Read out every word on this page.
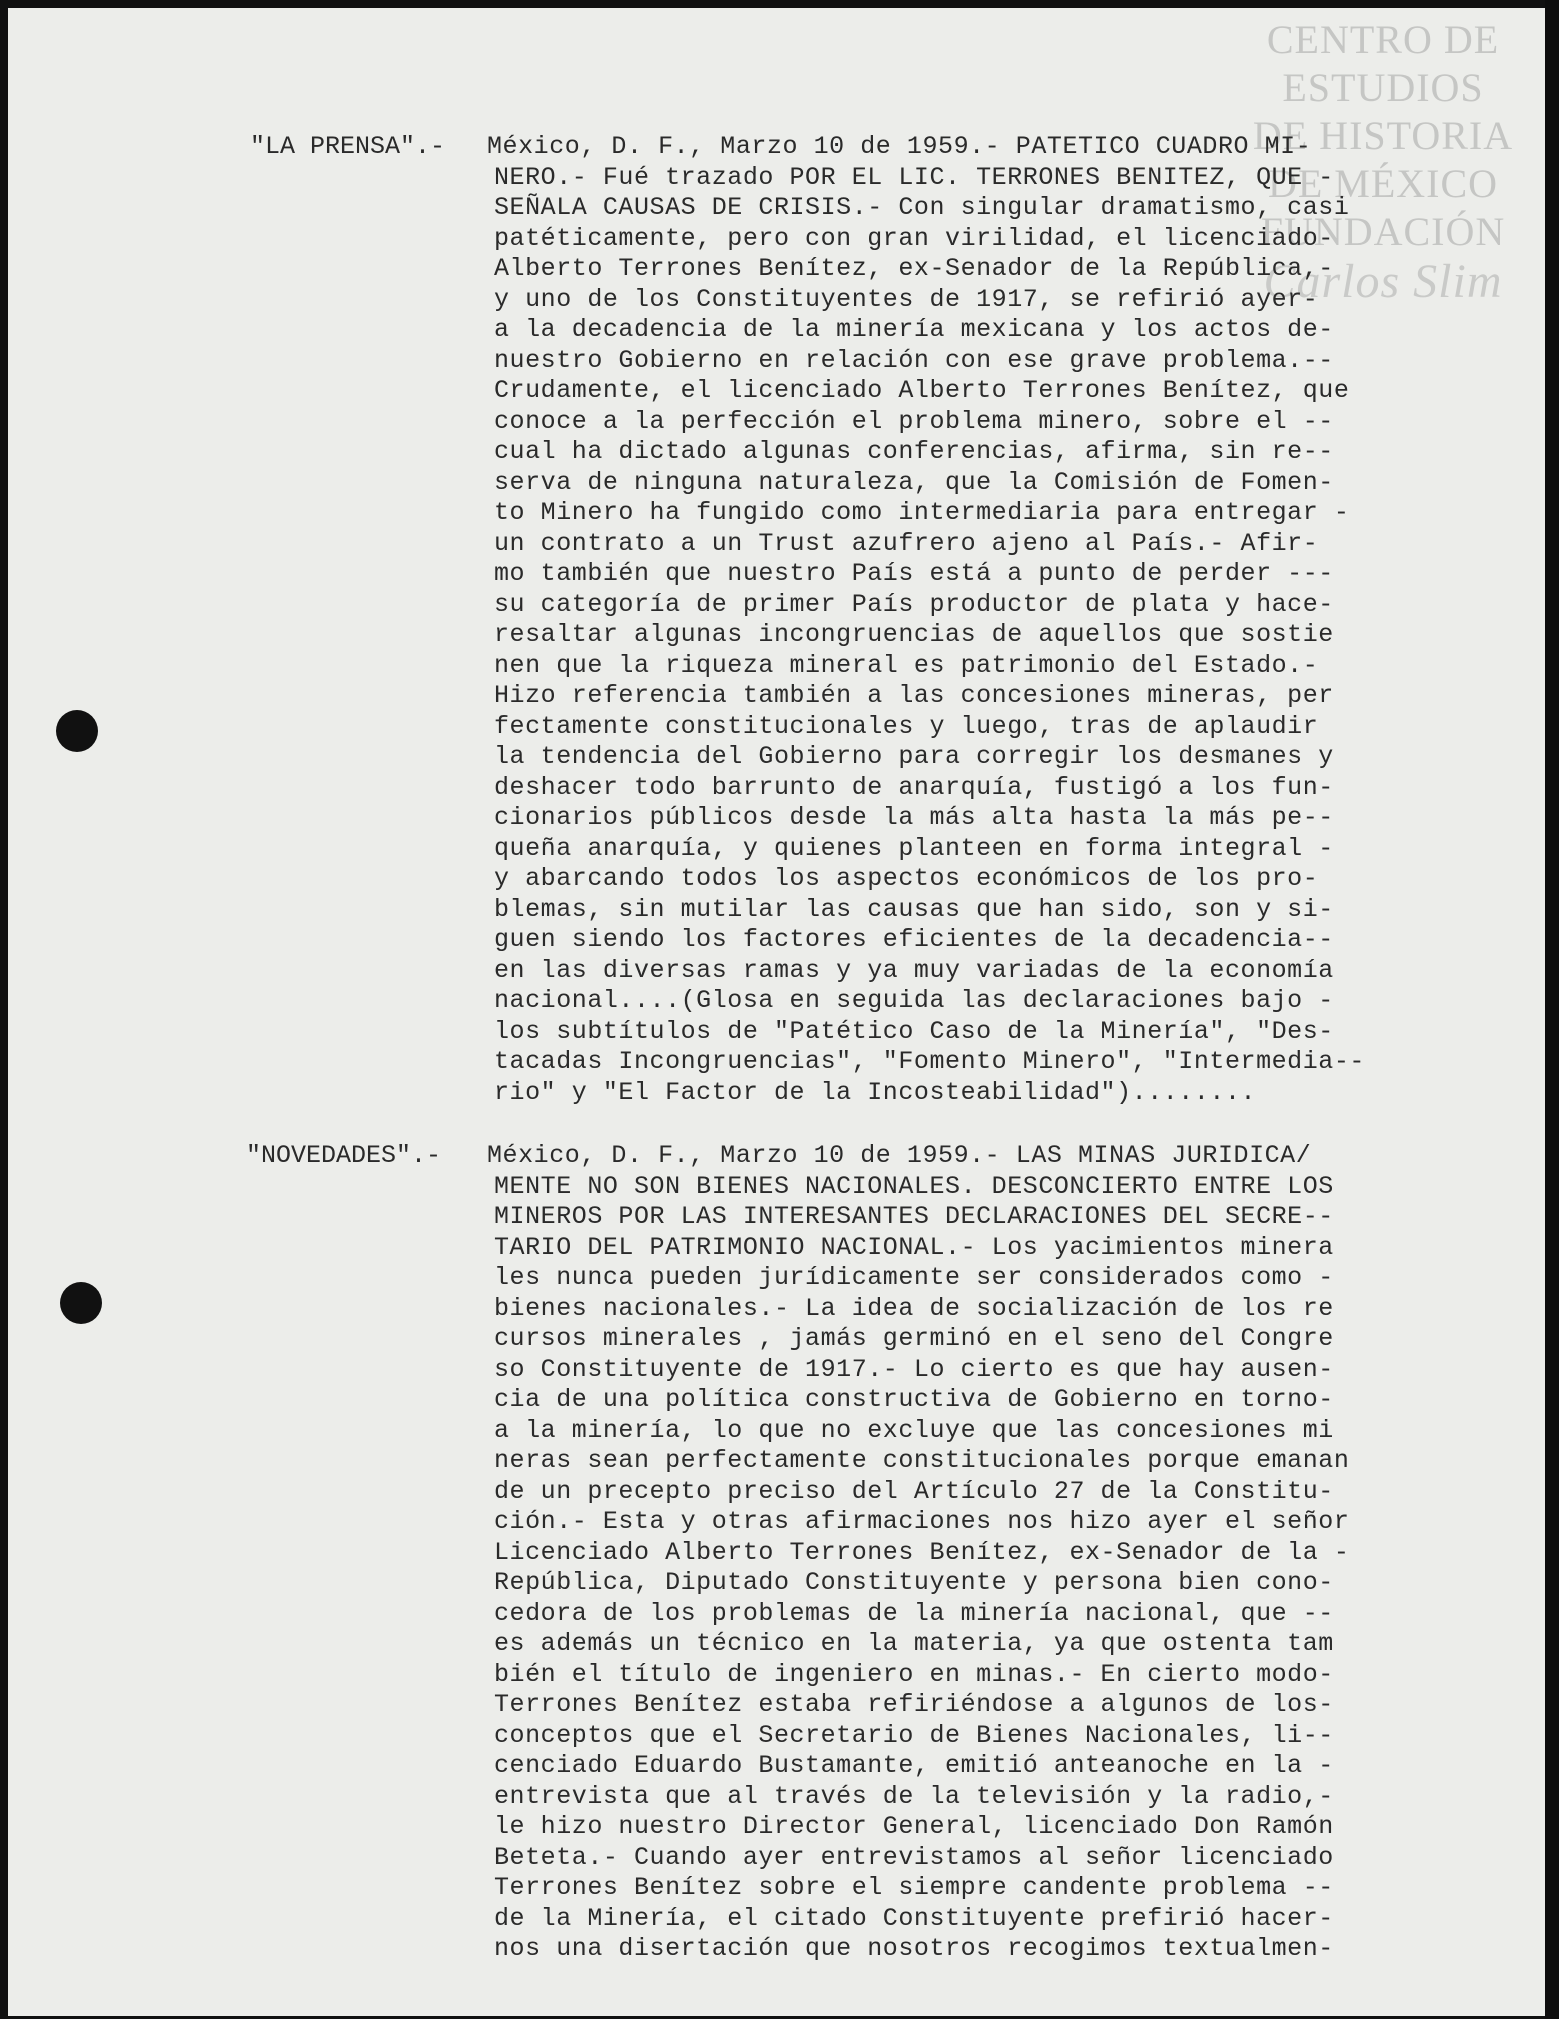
CENTRO DE
ESTUDIOS
DE HISTORIA
DE MÉXICO
FUNDACIÓN
Carlos Slim
"LA PRENSA".- México, D. F., Marzo 10 de 1959.- PATETICO CUADRO MI-
NERO.- Fué trazado POR EL LIC. TERRONES BENITEZ, QUE -
SEÑALA CAUSAS DE CRISIS.- Con singular dramatismo, casi
patéticamente, pero con gran virilidad, el licenciado-
Alberto Terrones Benítez, ex-Senador de la República,-
y uno de los Constituyentes de 1917, se refirió ayer-
a la decadencia de la minería mexicana y los actos de-
nuestro Gobierno en relación con ese grave problema.--
Crudamente, el licenciado Alberto Terrones Benítez, que
conoce a la perfección el problema minero, sobre el --
cual ha dictado algunas conferencias, afirma, sin re--
serva de ninguna naturaleza, que la Comisión de Fomen-
to Minero ha fungido como intermediaria para entregar -
un contrato a un Trust azufrero ajeno al País.- Afir-
mo también que nuestro País está a punto de perder ---
su categoría de primer País productor de plata y hace-
resaltar algunas incongruencias de aquellos que sostie
nen que la riqueza mineral es patrimonio del Estado.-
Hizo referencia también a las concesiones mineras, per
fectamente constitucionales y luego, tras de aplaudir
la tendencia del Gobierno para corregir los desmanes y
deshacer todo barrunto de anarquía, fustigó a los fun-
cionarios públicos desde la más alta hasta la más pe--
queña anarquía, y quienes planteen en forma integral -
y abarcando todos los aspectos económicos de los pro-
blemas, sin mutilar las causas que han sido, son y si-
guen siendo los factores eficientes de la decadencia--
en las diversas ramas y ya muy variadas de la economía
nacional....(Glosa en seguida las declaraciones bajo -
los subtítulos de "Patético Caso de la Minería", "Des-
tacadas Incongruencias", "Fomento Minero", "Intermedia--
rio" y "El Factor de la Incosteabilidad")........
"NOVEDADES".- México, D. F., Marzo 10 de 1959.- LAS MINAS JURIDICA/
MENTE NO SON BIENES NACIONALES. DESCONCIERTO ENTRE LOS
MINEROS POR LAS INTERESANTES DECLARACIONES DEL SECRE--
TARIO DEL PATRIMONIO NACIONAL.- Los yacimientos minera
les nunca pueden jurídicamente ser considerados como -
bienes nacionales.- La idea de socialización de los re
cursos minerales , jamás germinó en el seno del Congre
so Constituyente de 1917.- Lo cierto es que hay ausen-
cia de una política constructiva de Gobierno en torno-
a la minería, lo que no excluye que las concesiones mi
neras sean perfectamente constitucionales porque emanan
de un precepto preciso del Artículo 27 de la Constitu-
ción.- Esta y otras afirmaciones nos hizo ayer el señor
Licenciado Alberto Terrones Benítez, ex-Senador de la -
República, Diputado Constituyente y persona bien cono-
cedora de los problemas de la minería nacional, que --
es además un técnico en la materia, ya que ostenta tam
bién el título de ingeniero en minas.- En cierto modo-
Terrones Benítez estaba refiriéndose a algunos de los-
conceptos que el Secretario de Bienes Nacionales, li--
cenciado Eduardo Bustamante, emitió anteanoche en la -
entrevista que al través de la televisión y la radio,-
le hizo nuestro Director General, licenciado Don Ramón
Beteta.- Cuando ayer entrevistamos al señor licenciado
Terrones Benítez sobre el siempre candente problema --
de la Minería, el citado Constituyente prefirió hacer-
nos una disertación que nosotros recogimos textualmen-
